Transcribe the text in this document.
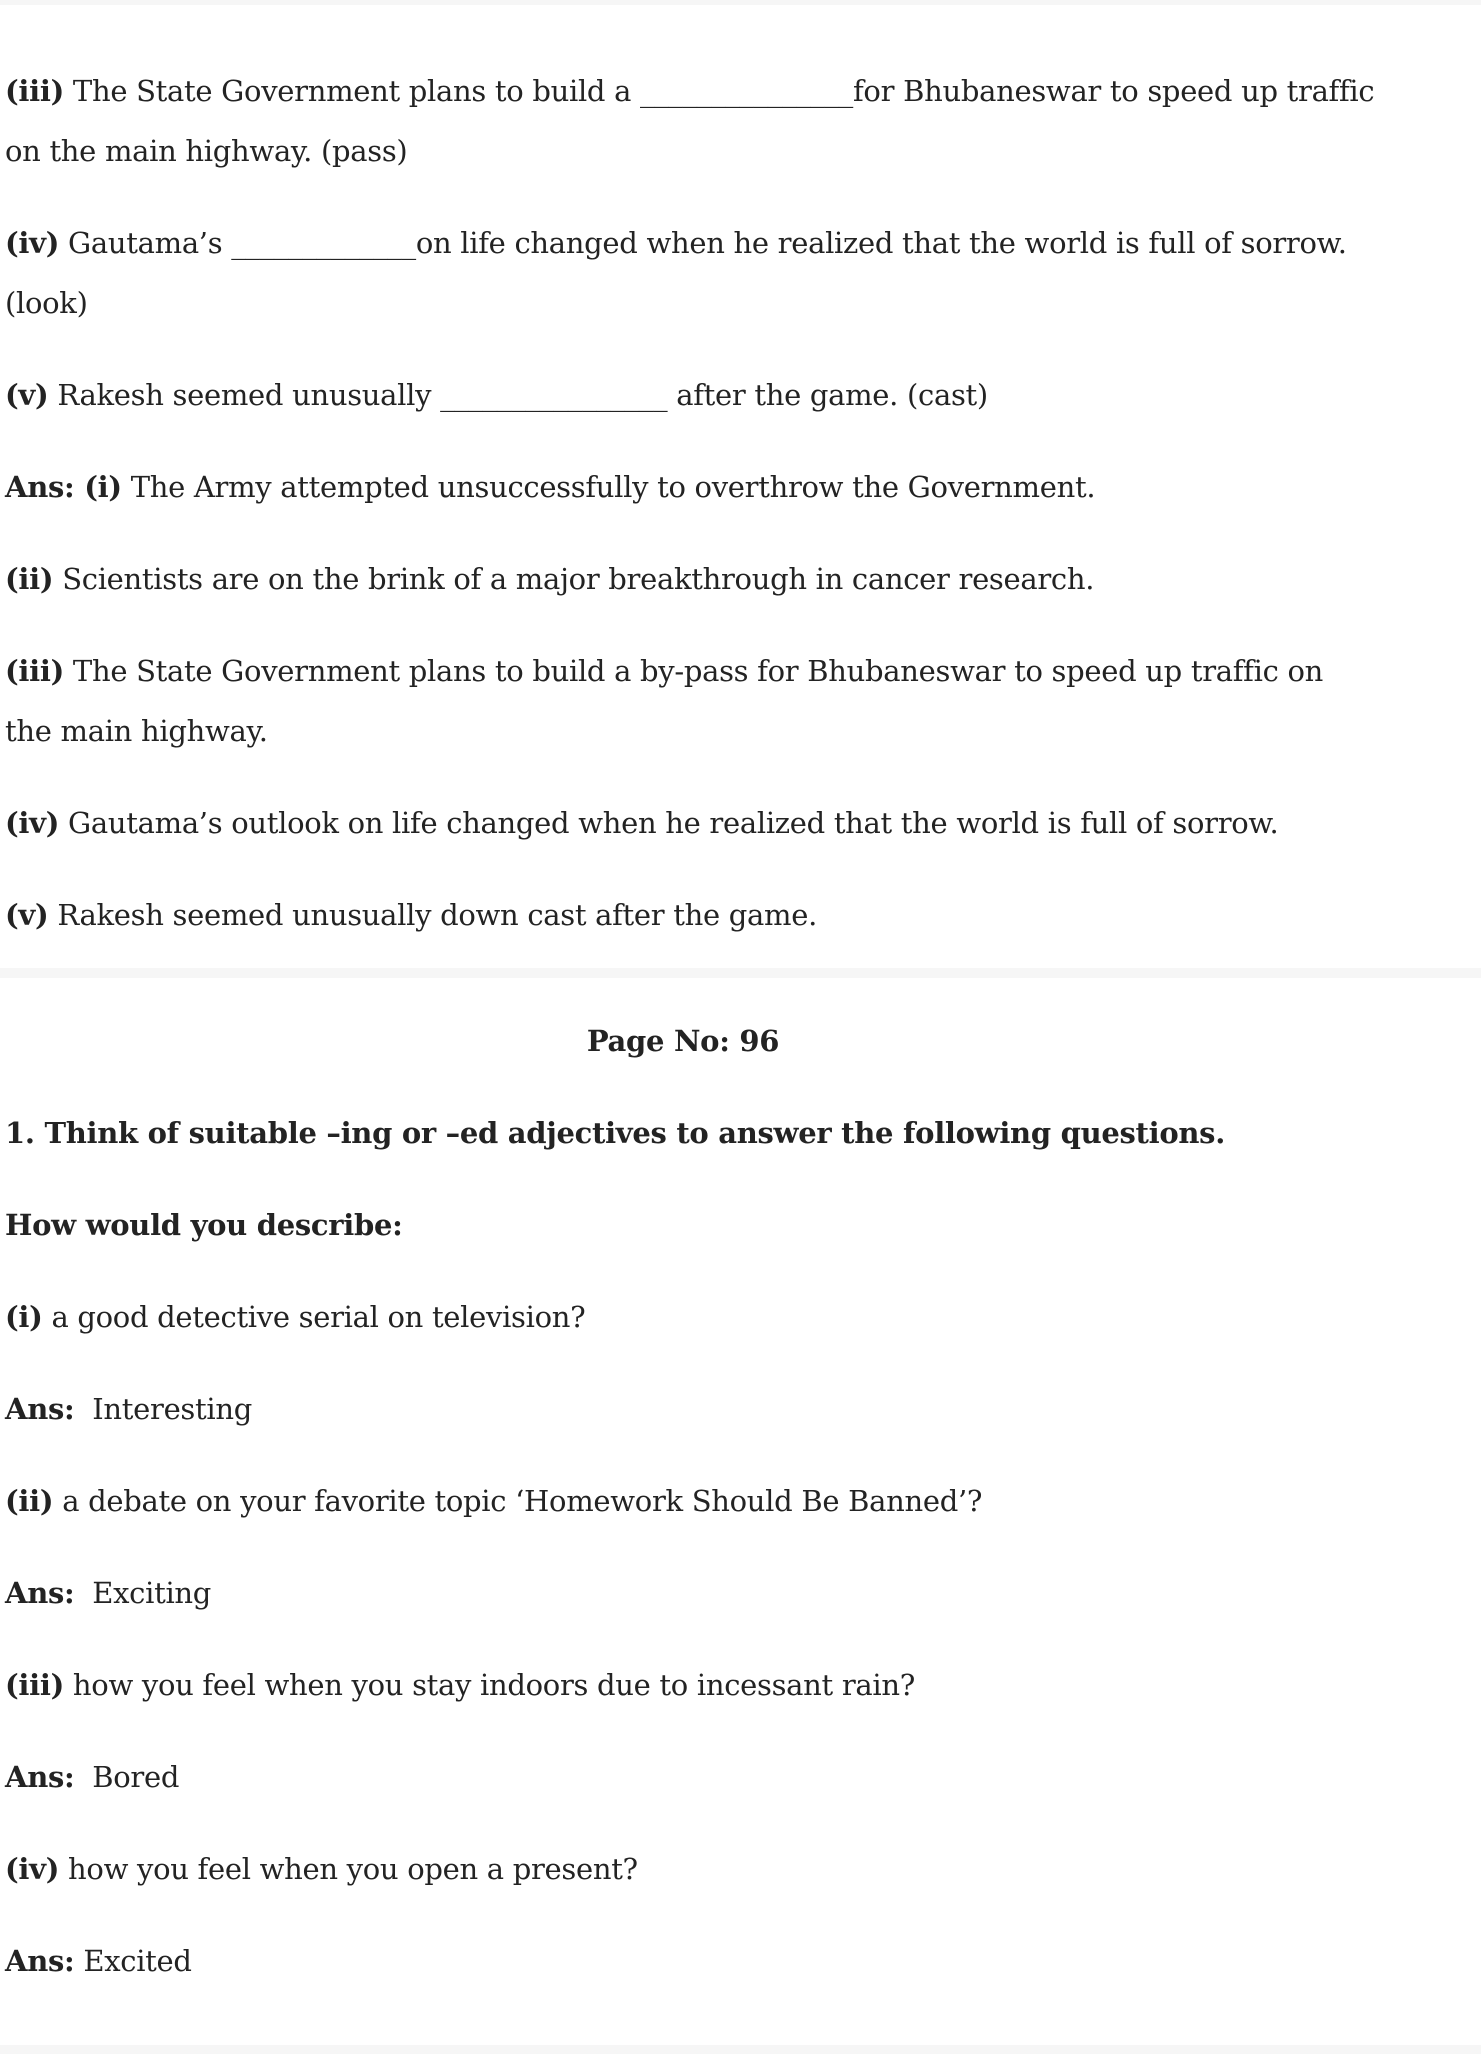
(iii) The State Government plans to build a _______________for Bhubaneswar to speed up traffic
on the main highway. (pass)

(iv) Gautama’s _____________on life changed when he realized that the world is full of sorrow.
(look)

(v) Rakesh seemed unusually ________________ after the game. (cast)

Ans: (i) The Army attempted unsuccessfully to overthrow the Government.

(ii) Scientists are on the brink of a major breakthrough in cancer research.

(iii) The State Government plans to build a by-pass for Bhubaneswar to speed up traffic on
the main highway.

(iv) Gautama’s outlook on life changed when he realized that the world is full of sorrow.

(v) Rakesh seemed unusually down cast after the game.

Page No: 96

1. Think of suitable –ing or –ed adjectives to answer the following questions.

How would you describe:

(i) a good detective serial on television?

Ans:  Interesting

(ii) a debate on your favorite topic ‘Homework Should Be Banned’?

Ans:  Exciting

(iii) how you feel when you stay indoors due to incessant rain?

Ans:  Bored

(iv) how you feel when you open a present?

Ans: Excited
